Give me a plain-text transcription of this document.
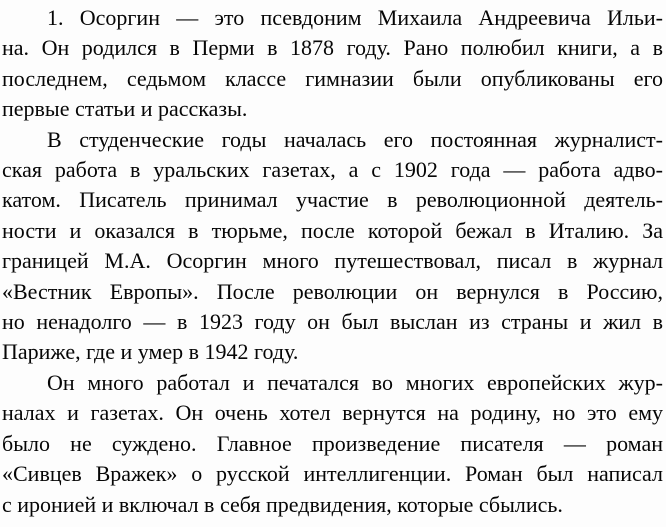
1. Осоргин — это псевдоним Михаила Андреевича Ильи-
на. Он родился в Перми в 1878 году. Рано полюбил книги, а в
последнем, седьмом классе гимназии были опубликованы его
первые статьи и рассказы.
В студенческие годы началась его постоянная журналист-
ская работа в уральских газетах, а с 1902 года — работа адво-
катом. Писатель принимал участие в революционной деятель-
ности и оказался в тюрьме, после которой бежал в Италию. За
границей М.А. Осоргин много путешествовал, писал в журнал
«Вестник Европы». После революции он вернулся в Россию,
но ненадолго — в 1923 году он был выслан из страны и жил в
Париже, где и умер в 1942 году.
Он много работал и печатался во многих европейских жур-
налах и газетах. Он очень хотел вернутся на родину, но это ему
было не суждено. Главное произведение писателя — роман
«Сивцев Вражек» о русской интеллигенции. Роман был написал
с иронией и включал в себя предвидения, которые сбылись.
